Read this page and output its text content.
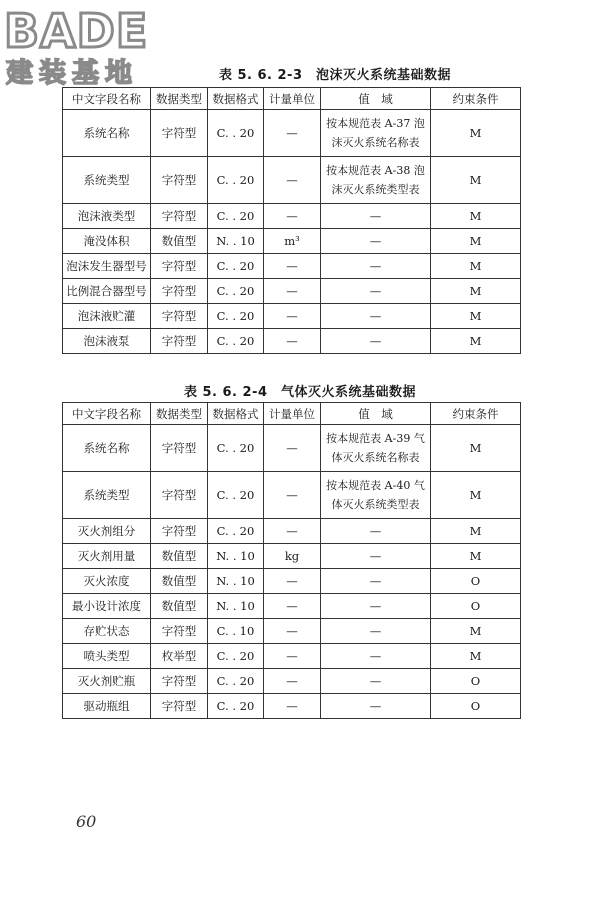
BADE
建装基地	表 5. 6. 2-3　泡沫灭火系统基础数据
中文字段名称	数据类型	数据格式	计量单位	值　域	约束条件
系统名称	字符型	C. . 20	—	按本规范表 A-37 泡沫灭火系统名称表	M
系统类型	字符型	C. . 20	—	按本规范表 A-38 泡沫灭火系统类型表	M
泡沫液类型	字符型	C. . 20	—	—	M
淹没体积	数值型	N. . 10	m³	—	M
泡沫发生器型号	字符型	C. . 20	—	—	M
比例混合器型号	字符型	C. . 20	—	—	M
泡沫液贮灌	字符型	C. . 20	—	—	M
泡沫液泵	字符型	C. . 20	—	—	M
表 5. 6. 2-4　气体灭火系统基础数据
中文字段名称	数据类型	数据格式	计量单位	值　域	约束条件
系统名称	字符型	C. . 20	—	按本规范表 A-39 气体灭火系统名称表	M
系统类型	字符型	C. . 20	—	按本规范表 A-40 气体灭火系统类型表	M
灭火剂组分	字符型	C. . 20	—	—	M
灭火剂用量	数值型	N. . 10	kg	—	M
灭火浓度	数值型	N. . 10	—	—	O
最小设计浓度	数值型	N. . 10	—	—	O
存贮状态	字符型	C. . 10	—	—	M
喷头类型	枚举型	C. . 20	—	—	M
灭火剂贮瓶	字符型	C. . 20	—	—	O
驱动瓶组	字符型	C. . 20	—	—	O
60
